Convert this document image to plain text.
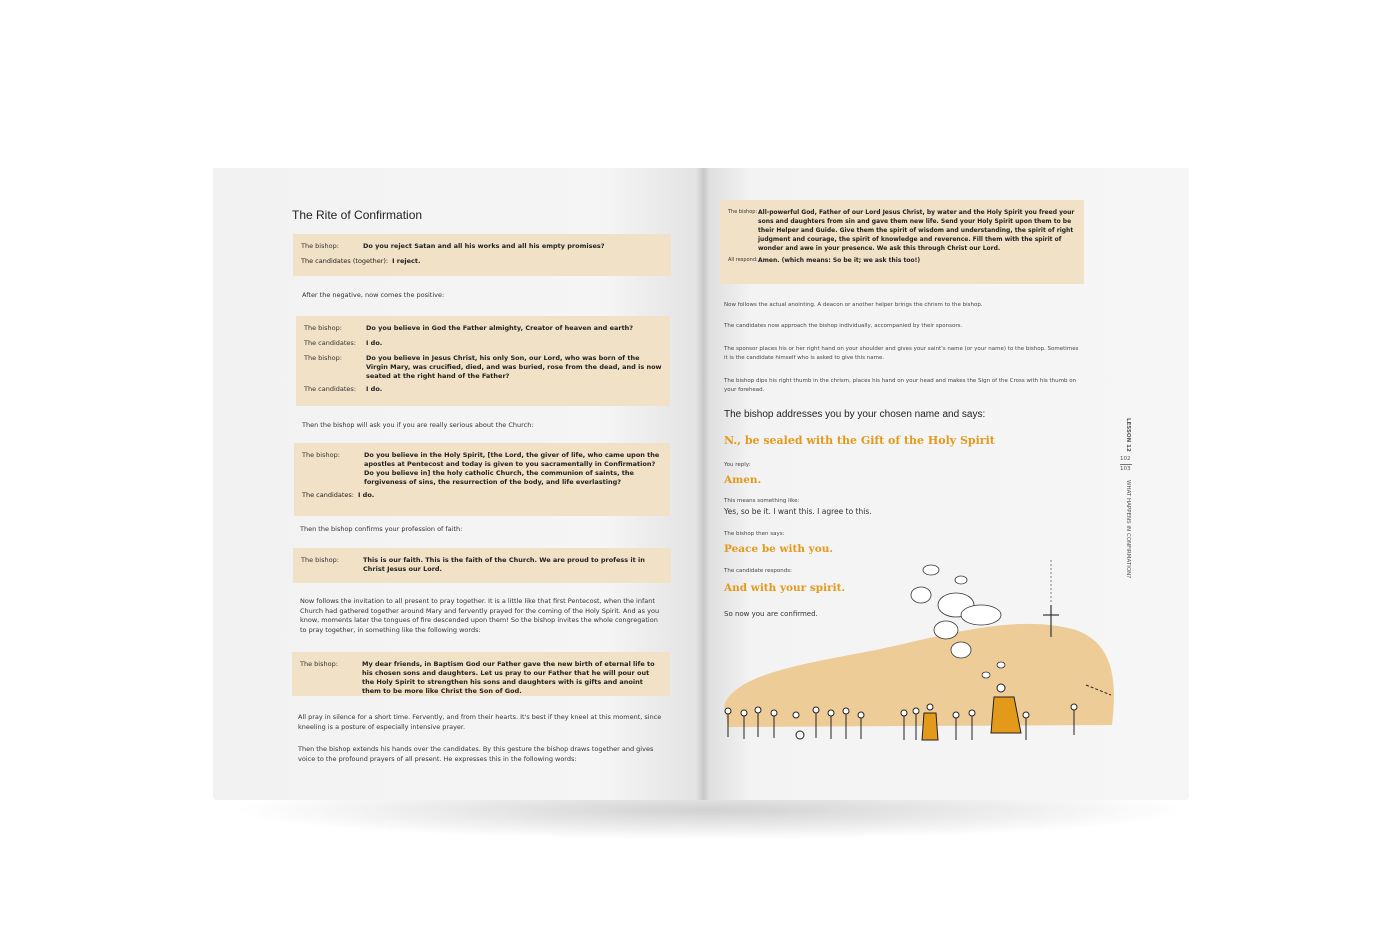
The Rite of Confirmation
The bishop:	Do you reject Satan and all his works and all his empty promises?
The candidates (together): I reject.
After the negative, now comes the positive:
The bishop:	Do you believe in God the Father almighty, Creator of heaven and earth?
The candidates:	I do.
The bishop:	Do you believe in Jesus Christ, his only Son, our Lord, who was born of the Virgin Mary, was crucified, died, and was buried, rose from the dead, and is now seated at the right hand of the Father?
The candidates:	I do.
Then the bishop will ask you if you are really serious about the Church:
The bishop:	Do you believe in the Holy Spirit, [the Lord, the giver of life, who came upon the apostles at Pentecost and today is given to you sacramentally in Confirmation? Do you believe in] the holy catholic Church, the communion of saints, the forgiveness of sins, the resurrection of the body, and life everlasting?
The candidates: I do.
Then the bishop confirms your profession of faith:
The bishop:	This is our faith. This is the faith of the Church. We are proud to profess it in Christ Jesus our Lord.
Now follows the invitation to all present to pray together. It is a little like that first Pentecost, when the infant Church had gathered together around Mary and fervently prayed for the coming of the Holy Spirit. And as you know, moments later the tongues of fire descended upon them! So the bishop invites the whole congregation to pray together, in something like the following words:
The bishop:	My dear friends, in Baptism God our Father gave the new birth of eternal life to his chosen sons and daughters. Let us pray to our Father that he will pour out the Holy Spirit to strengthen his sons and daughters with is gifts and anoint them to be more like Christ the Son of God.
All pray in silence for a short time. Fervently, and from their hearts. It's best if they kneel at this moment, since kneeling is a posture of especially intensive prayer.
Then the bishop extends his hands over the candidates. By this gesture the bishop draws together and gives voice to the profound prayers of all present. He expresses this in the following words:
The bishop: All-powerful God, Father of our Lord Jesus Christ, by water and the Holy Spirit you freed your sons and daughters from sin and gave them new life. Send your Holy Spirit upon them to be their Helper and Guide. Give them the spirit of wisdom and understanding, the spirit of right judgment and courage, the spirit of knowledge and reverence. Fill them with the spirit of wonder and awe in your presence. We ask this through Christ our Lord.
All respond: Amen. (which means: So be it; we ask this too!)
Now follows the actual anointing. A deacon or another helper brings the chrism to the bishop.
The candidates now approach the bishop individually, accompanied by their sponsors.
The sponsor places his or her right hand on your shoulder and gives your saint's name (or your name) to the bishop. Sometimes it is the candidate himself who is asked to give this name.
The bishop dips his right thumb in the chrism, places his hand on your head and makes the Sign of the Cross with his thumb on your forehead.
The bishop addresses you by your chosen name and says:
N., be sealed with the Gift of the Holy Spirit
You reply:
Amen.
This means something like:
Yes, so be it. I want this. I agree to this.
The bishop then says:
Peace be with you.
The candidate responds:
And with your spirit.
So now you are confirmed.
LESSON 12
102
103
WHAT HAPPENS IN CONFIRMATION?
